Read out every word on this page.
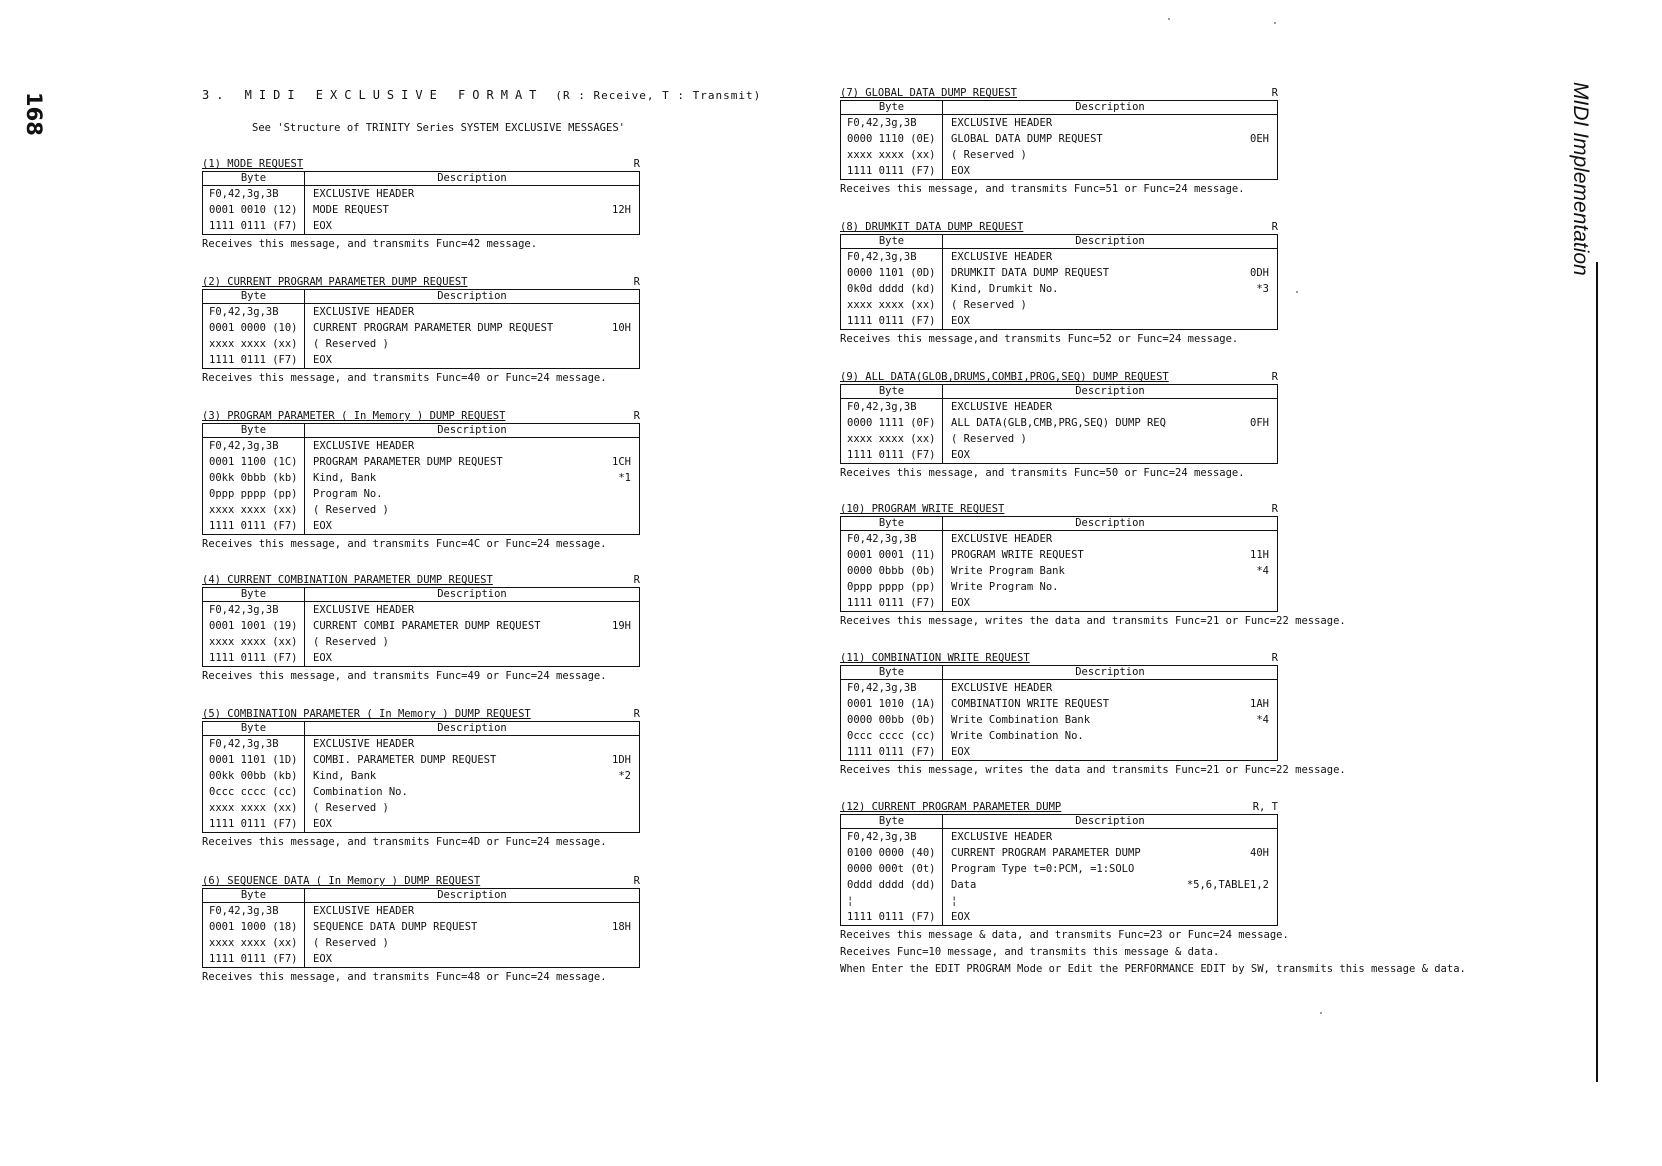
168	MIDI Implementation
3. MIDI EXCLUSIVE FORMAT (R : Receive, T : Transmit)
See 'Structure of TRINITY Series SYSTEM EXCLUSIVE MESSAGES'
(1) MODE REQUEST	R
Byte	Description
F0,42,3g,3B	EXCLUSIVE HEADER

0001 0010 (12)	MODE REQUEST 12H

1111 0111 (F7)	EOX
Receives this message, and transmits Func=42 message.
(2) CURRENT PROGRAM PARAMETER DUMP REQUEST	R
Byte	Description
F0,42,3g,3B	EXCLUSIVE HEADER

0001 0000 (10)	CURRENT PROGRAM PARAMETER DUMP REQUEST 10H

xxxx xxxx (xx)	( Reserved )

1111 0111 (F7)	EOX
Receives this message, and transmits Func=40 or Func=24 message.
(3) PROGRAM PARAMETER ( In Memory ) DUMP REQUEST	R
Byte	Description
F0,42,3g,3B	EXCLUSIVE HEADER

0001 1100 (1C)	PROGRAM PARAMETER DUMP REQUEST 1CH

00kk 0bbb (kb)	Kind, Bank *1

0ppp pppp (pp)	Program No.

xxxx xxxx (xx)	( Reserved )

1111 0111 (F7)	EOX
Receives this message, and transmits Func=4C or Func=24 message.
(4) CURRENT COMBINATION PARAMETER DUMP REQUEST	R
Byte	Description
F0,42,3g,3B	EXCLUSIVE HEADER

0001 1001 (19)	CURRENT COMBI PARAMETER DUMP REQUEST 19H

xxxx xxxx (xx)	( Reserved )

1111 0111 (F7)	EOX
Receives this message, and transmits Func=49 or Func=24 message.
(5) COMBINATION PARAMETER ( In Memory ) DUMP REQUEST	R
Byte	Description
F0,42,3g,3B	EXCLUSIVE HEADER

0001 1101 (1D)	COMBI. PARAMETER DUMP REQUEST 1DH

00kk 00bb (kb)	Kind, Bank *2

0ccc cccc (cc)	Combination No.

xxxx xxxx (xx)	( Reserved )

1111 0111 (F7)	EOX
Receives this message, and transmits Func=4D or Func=24 message.
(6) SEQUENCE DATA ( In Memory ) DUMP REQUEST	R
Byte	Description
F0,42,3g,3B	EXCLUSIVE HEADER

0001 1000 (18)	SEQUENCE DATA DUMP REQUEST 18H

xxxx xxxx (xx)	( Reserved )

1111 0111 (F7)	EOX
Receives this message, and transmits Func=48 or Func=24 message.
(7) GLOBAL DATA DUMP REQUEST	R
Byte	Description
F0,42,3g,3B	EXCLUSIVE HEADER

0000 1110 (0E)	GLOBAL DATA DUMP REQUEST 0EH

xxxx xxxx (xx)	( Reserved )

1111 0111 (F7)	EOX
Receives this message, and transmits Func=51 or Func=24 message.
(8) DRUMKIT DATA DUMP REQUEST	R
Byte	Description
F0,42,3g,3B	EXCLUSIVE HEADER

0000 1101 (0D)	DRUMKIT DATA DUMP REQUEST 0DH

0k0d dddd (kd)	Kind, Drumkit No. *3

xxxx xxxx (xx)	( Reserved )

1111 0111 (F7)	EOX
Receives this message,and transmits Func=52 or Func=24 message.
(9) ALL DATA(GLOB,DRUMS,COMBI,PROG,SEQ) DUMP REQUEST	R
Byte	Description
F0,42,3g,3B	EXCLUSIVE HEADER

0000 1111 (0F)	ALL DATA(GLB,CMB,PRG,SEQ) DUMP REQ 0FH

xxxx xxxx (xx)	( Reserved )

1111 0111 (F7)	EOX
Receives this message, and transmits Func=50 or Func=24 message.
(10) PROGRAM WRITE REQUEST	R
Byte	Description
F0,42,3g,3B	EXCLUSIVE HEADER

0001 0001 (11)	PROGRAM WRITE REQUEST 11H

0000 0bbb (0b)	Write Program Bank *4

0ppp pppp (pp)	Write Program No.

1111 0111 (F7)	EOX
Receives this message, writes the data and transmits Func=21 or Func=22 message.
(11) COMBINATION WRITE REQUEST	R
Byte	Description
F0,42,3g,3B	EXCLUSIVE HEADER

0001 1010 (1A)	COMBINATION WRITE REQUEST 1AH

0000 00bb (0b)	Write Combination Bank *4

0ccc cccc (cc)	Write Combination No.

1111 0111 (F7)	EOX
Receives this message, writes the data and transmits Func=21 or Func=22 message.
(12) CURRENT PROGRAM PARAMETER DUMP	R, T
Byte	Description
F0,42,3g,3B	EXCLUSIVE HEADER

0100 0000 (40)	CURRENT PROGRAM PARAMETER DUMP 40H

0000 000t (0t)	Program Type t=0:PCM, =1:SOLO

0ddd dddd (dd)	Data *5,6,TABLE1,2

¦	¦

1111 0111 (F7)	EOX
Receives this message & data, and transmits Func=23 or Func=24 message.
Receives Func=10 message, and transmits this message & data.
When Enter the EDIT PROGRAM Mode or Edit the PERFORMANCE EDIT by SW, transmits this message & data.
